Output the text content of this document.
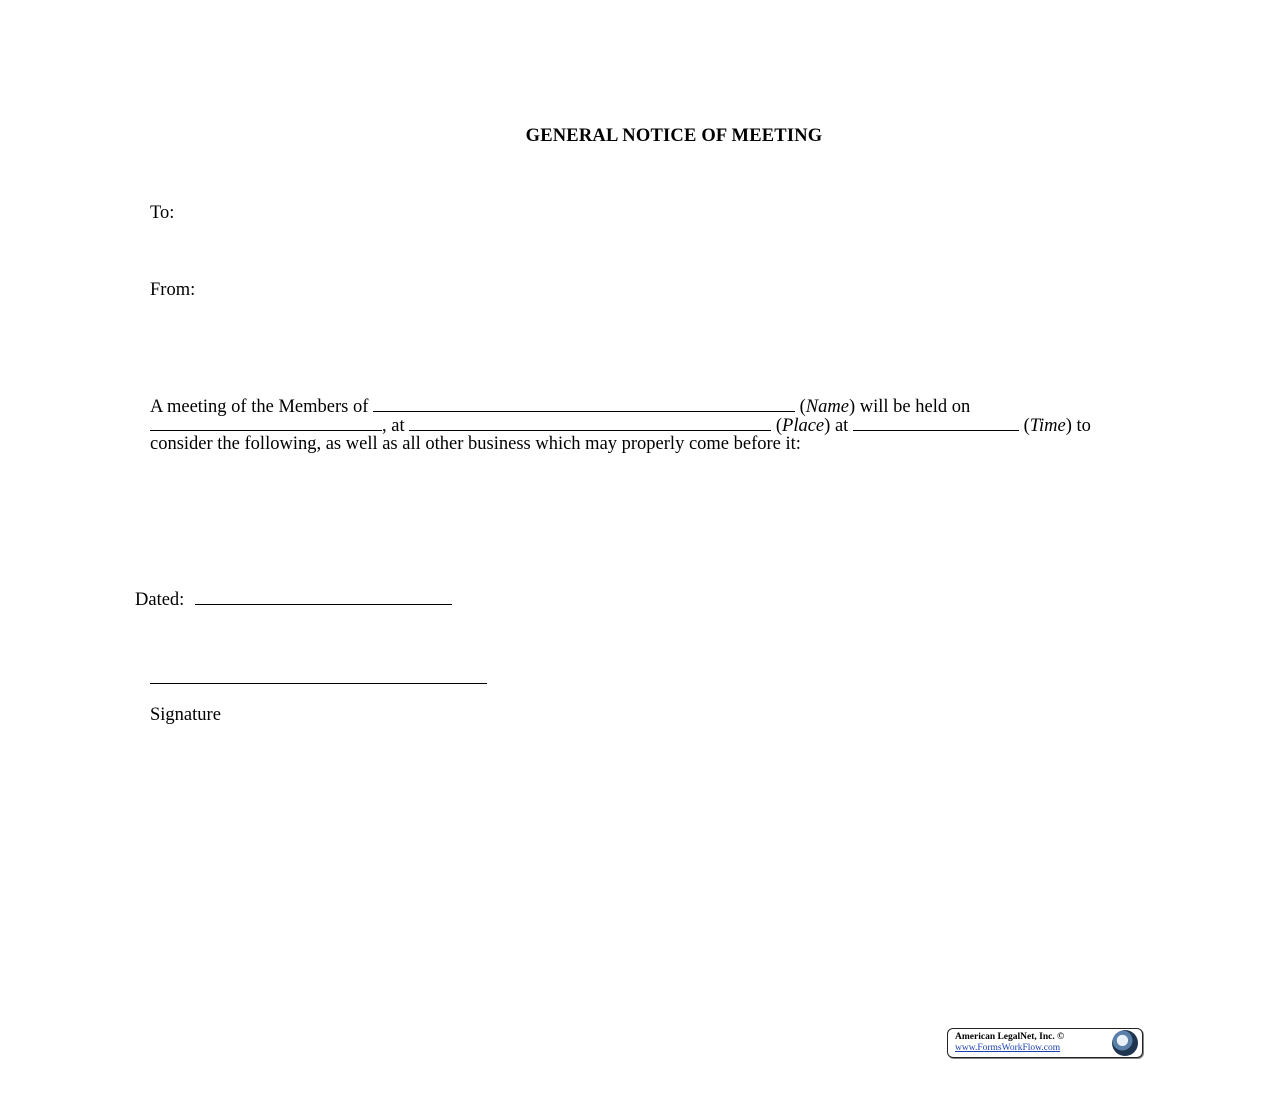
GENERAL NOTICE OF MEETING
To:
From:
A meeting of the Members of	(Name) will be held on
, at	(Place) at	(Time) to
consider the following, as well as all other business which may properly come before it:
Dated:
Signature
American LegalNet, Inc. ©
www.FormsWorkFlow.com
